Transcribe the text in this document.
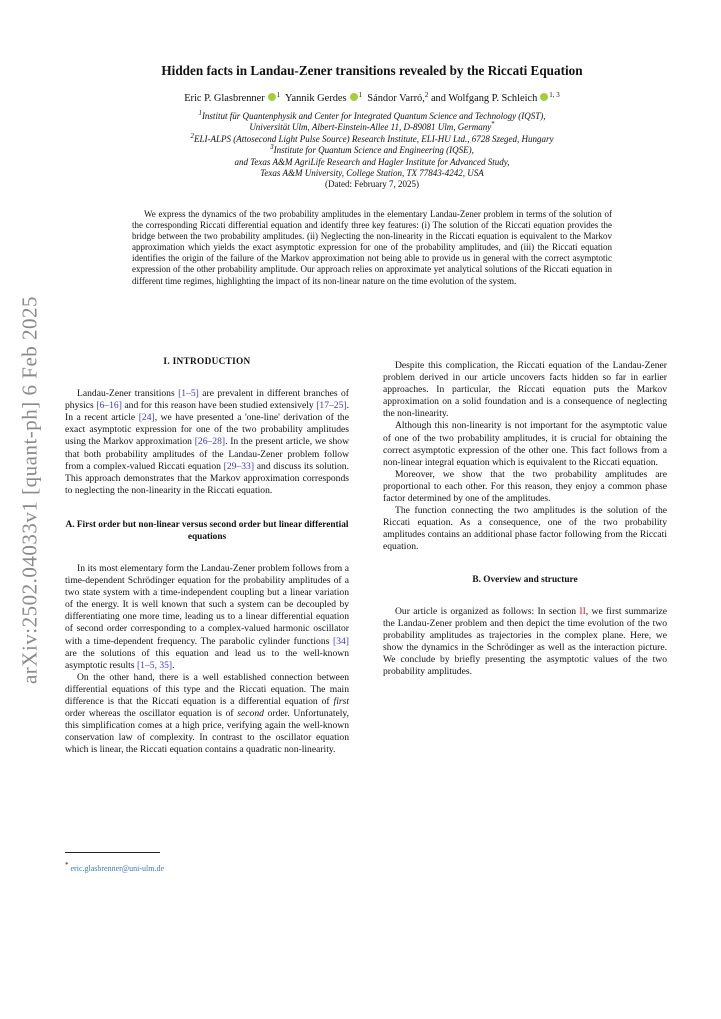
arXiv:2502.04033v1 [quant-ph] 6 Feb 2025
Hidden facts in Landau-Zener transitions revealed by the Riccati Equation
Eric P. Glasbrenner $^1$ Yannik Gerdes $^1$ Sándor Varró,$^2$ and Wolfgang P. Schleich $^{1, 3}$
$^1$Institut für Quantenphysik and Center for Integrated Quantum Science and Technology (IQST),
Universität Ulm, Albert-Einstein-Allee 11, D-89081 Ulm, Germany*
$^2$ELI-ALPS (Attosecond Light Pulse Source) Research Institute, ELI-HU Ltd., 6728 Szeged, Hungary
$^3$Institute for Quantum Science and Engineering (IQSE),
and Texas A&M AgriLife Research and Hagler Institute for Advanced Study,
Texas A&M University, College Station, TX 77843-4242, USA
(Dated: February 7, 2025)
We express the dynamics of the two probability amplitudes in the elementary Landau-Zener problem in terms of the solution of the corresponding Riccati differential equation and identify three key features: (i) The solution of the Riccati equation provides the bridge between the two probability amplitudes. (ii) Neglecting the non-linearity in the Riccati equation is equivalent to the Markov approximation which yields the exact asymptotic expression for one of the probability amplitudes, and (iii) the Riccati equation identifies the origin of the failure of the Markov approximation not being able to provide us in general with the correct asymptotic expression of the other probability amplitude. Our approach relies on approximate yet analytical solutions of the Riccati equation in different time regimes, highlighting the impact of its non-linear nature on the time evolution of the system.
I. INTRODUCTION

Landau-Zener transitions [1–5] are prevalent in different branches of physics [6–16] and for this reason have been studied extensively [17–25]. In a recent article [24], we have presented a 'one-line' derivation of the exact asymptotic expression for one of the two probability amplitudes using the Markov approximation [26–28]. In the present article, we show that both probability amplitudes of the Landau-Zener problem follow from a complex-valued Riccati equation [29–33] and discuss its solution. This approach demonstrates that the Markov approximation corresponds to neglecting the non-linearity in the Riccati equation.

A. First order but non-linear versus second order but linear differential equations

In its most elementary form the Landau-Zener problem follows from a time-dependent Schrödinger equation for the probability amplitudes of a two state system with a time-independent coupling but a linear variation of the energy. It is well known that such a system can be decoupled by differentiating one more time, leading us to a linear differential equation of second order corresponding to a complex-valued harmonic oscillator with a time-dependent frequency. The parabolic cylinder functions [34] are the solutions of this equation and lead us to the well-known asymptotic results [1–5, 35].

On the other hand, there is a well established connection between differential equations of this type and the Riccati equation. The main difference is that the Riccati equation is a differential equation of first order whereas the oscillator equation is of second order. Unfortunately, this simplification comes at a high price, verifying again the well-known conservation law of complexity. In contrast to the oscillator equation which is linear, the Riccati equation contains a quadratic non-linearity.

Despite this complication, the Riccati equation of the Landau-Zener problem derived in our article uncovers facts hidden so far in earlier approaches. In particular, the Riccati equation puts the Markov approximation on a solid foundation and is a consequence of neglecting the non-linearity.

Although this non-linearity is not important for the asymptotic value of one of the two probability amplitudes, it is crucial for obtaining the correct asymptotic expression of the other one. This fact follows from a non-linear integral equation which is equivalent to the Riccati equation.

Moreover, we show that the two probability amplitudes are proportional to each other. For this reason, they enjoy a common phase factor determined by one of the amplitudes.

The function connecting the two amplitudes is the solution of the Riccati equation. As a consequence, one of the two probability amplitudes contains an additional phase factor following from the Riccati equation.

B. Overview and structure

Our article is organized as follows: In section II, we first summarize the Landau-Zener problem and then depict the time evolution of the two probability amplitudes as trajectories in the complex plane. Here, we show the dynamics in the Schrödinger as well as the interaction picture. We conclude by briefly presenting the asymptotic values of the two probability amplitudes.

* eric.glasbrenner@uni-ulm.de
